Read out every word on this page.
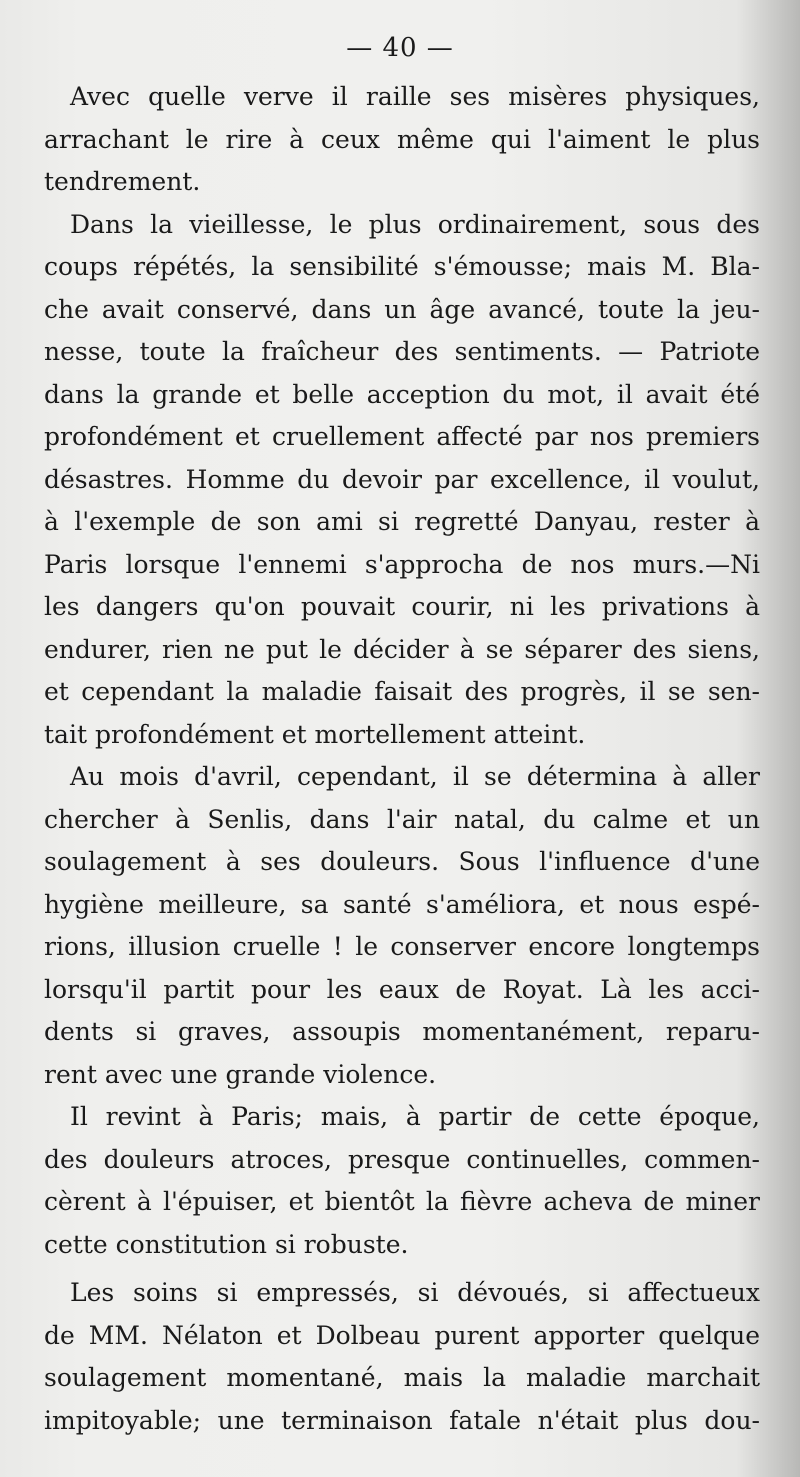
— 40 —
Avec quelle verve il raille ses misères physiques,
arrachant le rire à ceux même qui l'aiment le plus
tendrement.
Dans la vieillesse, le plus ordinairement, sous des
coups répétés, la sensibilité s'émousse; mais M. Bla-
che avait conservé, dans un âge avancé, toute la jeu-
nesse, toute la fraîcheur des sentiments. — Patriote
dans la grande et belle acception du mot, il avait été
profondément et cruellement affecté par nos premiers
désastres. Homme du devoir par excellence, il voulut,
à l'exemple de son ami si regretté Danyau, rester à
Paris lorsque l'ennemi s'approcha de nos murs.—Ni
les dangers qu'on pouvait courir, ni les privations à
endurer, rien ne put le décider à se séparer des siens,
et cependant la maladie faisait des progrès, il se sen-
tait profondément et mortellement atteint.
Au mois d'avril, cependant, il se détermina à aller
chercher à Senlis, dans l'air natal, du calme et un
soulagement à ses douleurs. Sous l'influence d'une
hygiène meilleure, sa santé s'améliora, et nous espé-
rions, illusion cruelle ! le conserver encore longtemps
lorsqu'il partit pour les eaux de Royat. Là les acci-
dents si graves, assoupis momentanément, reparu-
rent avec une grande violence.
Il revint à Paris; mais, à partir de cette époque,
des douleurs atroces, presque continuelles, commen-
cèrent à l'épuiser, et bientôt la fièvre acheva de miner
cette constitution si robuste.
Les soins si empressés, si dévoués, si affectueux
de MM. Nélaton et Dolbeau purent apporter quelque
soulagement momentané, mais la maladie marchait
impitoyable; une terminaison fatale n'était plus dou-
